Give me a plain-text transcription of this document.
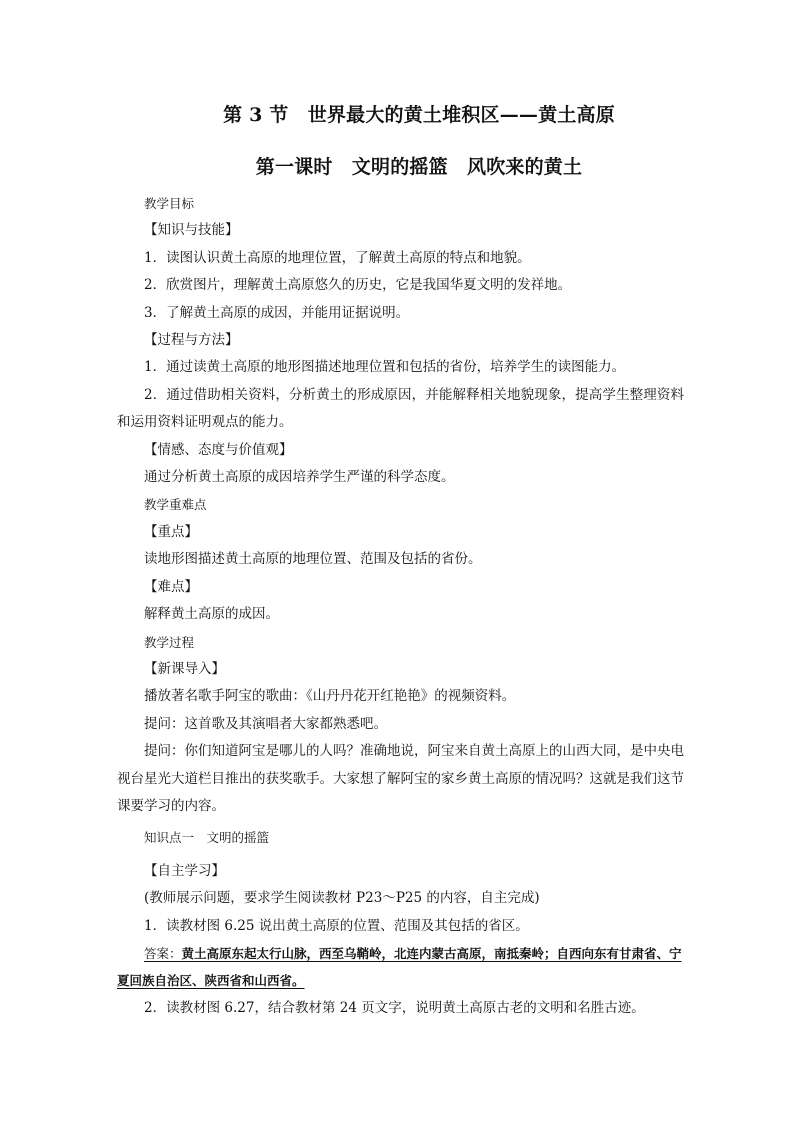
第 3 节　世界最大的黄土堆积区——黄土高原
第一课时　文明的摇篮　风吹来的黄土

教学目标

【知识与技能】

1．读图认识黄土高原的地理位置，了解黄土高原的特点和地貌。

2．欣赏图片，理解黄土高原悠久的历史，它是我国华夏文明的发祥地。

3．了解黄土高原的成因，并能用证据说明。

【过程与方法】

1．通过读黄土高原的地形图描述地理位置和包括的省份，培养学生的读图能力。

2．通过借助相关资料，分析黄土的形成原因，并能解释相关地貌现象，提高学生整理资料和运用资料证明观点的能力。

【情感、态度与价值观】

通过分析黄土高原的成因培养学生严谨的科学态度。

教学重难点

【重点】

读地形图描述黄土高原的地理位置、范围及包括的省份。

【难点】

解释黄土高原的成因。

教学过程

【新课导入】

播放著名歌手阿宝的歌曲：《山丹丹花开红艳艳》的视频资料。

提问：这首歌及其演唱者大家都熟悉吧。

提问：你们知道阿宝是哪儿的人吗？准确地说，阿宝来自黄土高原上的山西大同，是中央电视台星光大道栏目推出的获奖歌手。大家想了解阿宝的家乡黄土高原的情况吗？这就是我们这节课要学习的内容。

知识点一　文明的摇篮

【自主学习】

(教师展示问题，要求学生阅读教材 P23～P25 的内容，自主完成)

1．读教材图 6.25 说出黄土高原的位置、范围及其包括的省区。

答案：黄土高原东起太行山脉，西至乌鞘岭，北连内蒙古高原，南抵秦岭；自西向东有甘肃省、宁夏回族自治区、陕西省和山西省。

2．读教材图 6.27，结合教材第 24 页文字，说明黄土高原古老的文明和名胜古迹。
